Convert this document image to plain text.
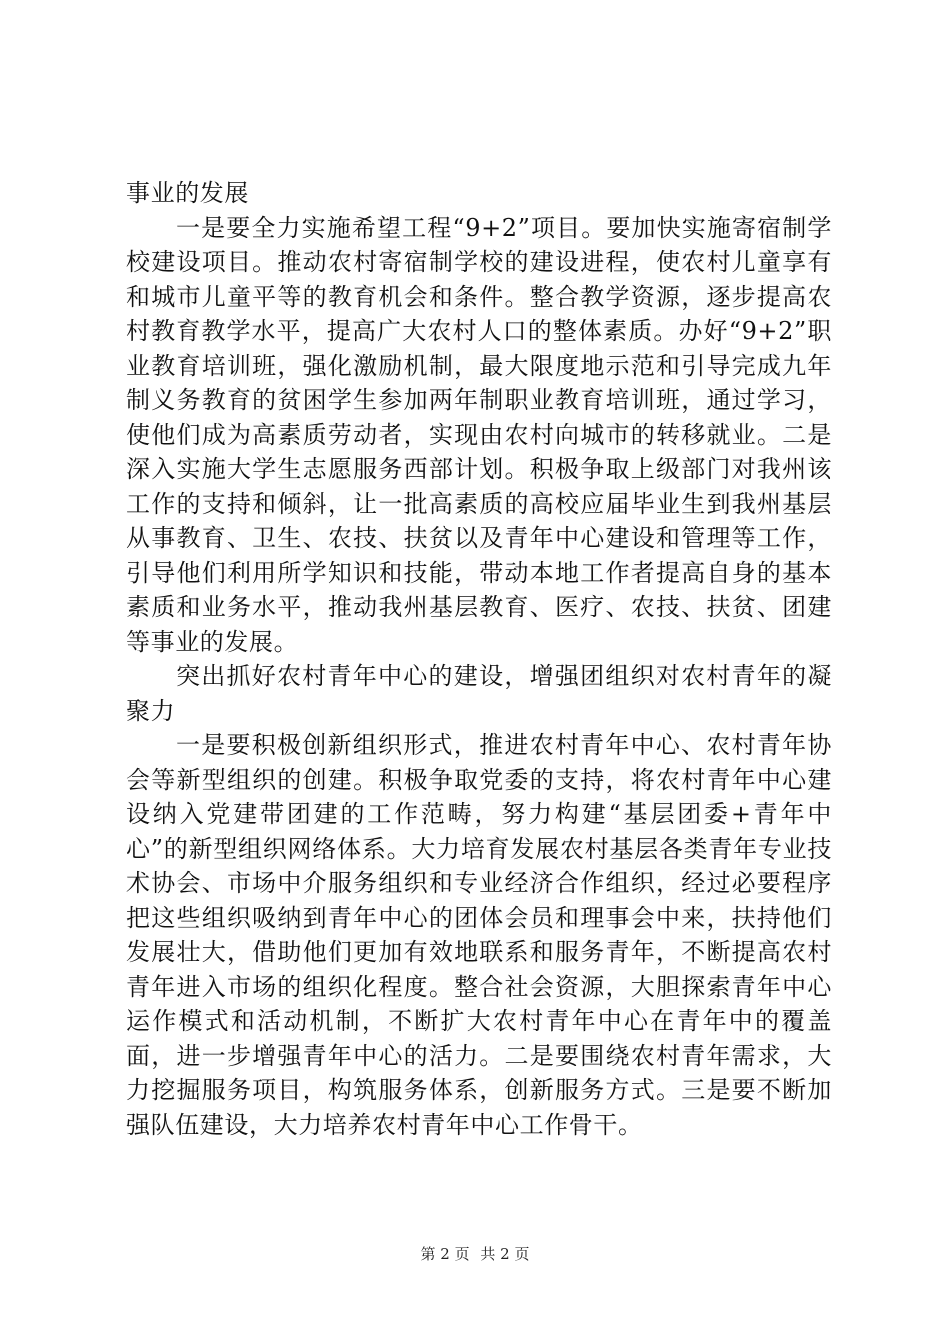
事业的发展

一是要全力实施希望工程“9+2”项目。要加快实施寄宿制学校建设项目。推动农村寄宿制学校的建设进程，使农村儿童享有和城市儿童平等的教育机会和条件。整合教学资源，逐步提高农村教育教学水平，提高广大农村人口的整体素质。办好“9+2”职业教育培训班，强化激励机制，最大限度地示范和引导完成九年制义务教育的贫困学生参加两年制职业教育培训班，通过学习，使他们成为高素质劳动者，实现由农村向城市的转移就业。二是深入实施大学生志愿服务西部计划。积极争取上级部门对我州该工作的支持和倾斜，让一批高素质的高校应届毕业生到我州基层从事教育、卫生、农技、扶贫以及青年中心建设和管理等工作，引导他们利用所学知识和技能，带动本地工作者提高自身的基本素质和业务水平，推动我州基层教育、医疗、农技、扶贫、团建等事业的发展。

突出抓好农村青年中心的建设，增强团组织对农村青年的凝聚力

一是要积极创新组织形式，推进农村青年中心、农村青年协会等新型组织的创建。积极争取党委的支持，将农村青年中心建设纳入党建带团建的工作范畴，努力构建“基层团委+青年中心”的新型组织网络体系。大力培育发展农村基层各类青年专业技术协会、市场中介服务组织和专业经济合作组织，经过必要程序把这些组织吸纳到青年中心的团体会员和理事会中来，扶持他们发展壮大，借助他们更加有效地联系和服务青年，不断提高农村青年进入市场的组织化程度。整合社会资源，大胆探索青年中心运作模式和活动机制，不断扩大农村青年中心在青年中的覆盖面，进一步增强青年中心的活力。二是要围绕农村青年需求，大力挖掘服务项目，构筑服务体系，创新服务方式。三是要不断加强队伍建设，大力培养农村青年中心工作骨干。

第 2 页 共 2 页
